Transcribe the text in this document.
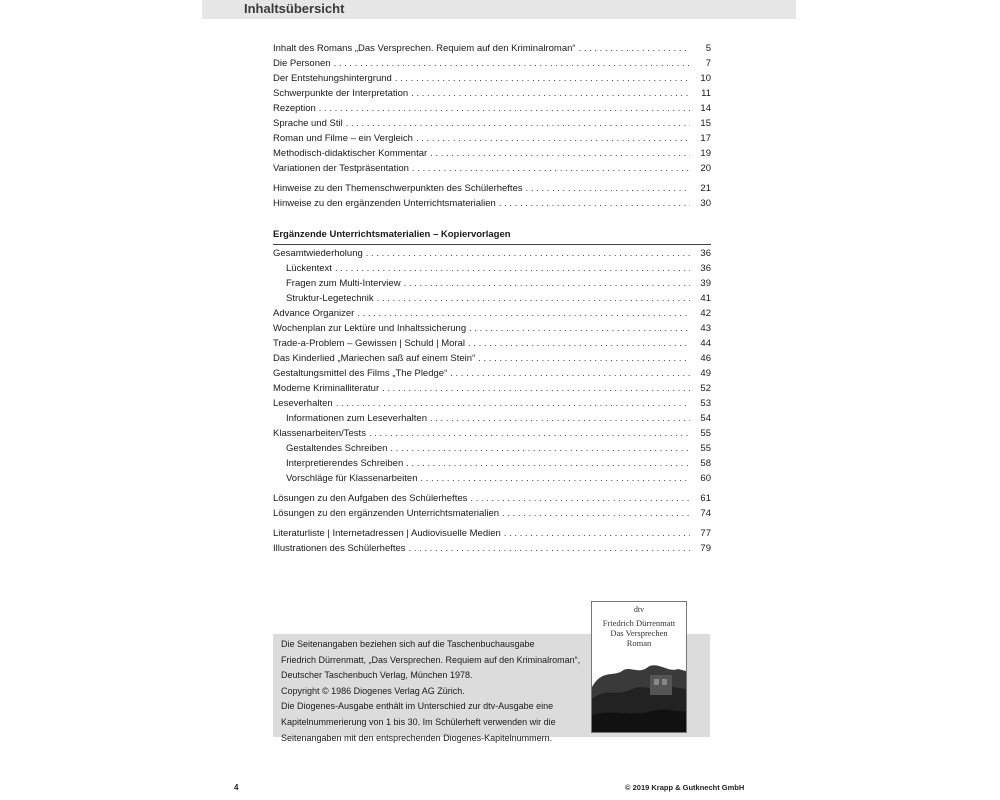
Inhaltsübersicht
Inhalt des Romans „Das Versprechen. Requiem auf den Kriminalroman“ . . .	5
Die Personen . . .	7
Der Entstehungshintergrund . . .	10
Schwerpunkte der Interpretation . . .	11
Rezeption . . .	14
Sprache und Stil . . .	15
Roman und Filme – ein Vergleich . . .	17
Methodisch-didaktischer Kommentar . . .	19
Variationen der Testpräsentation . . .	20
Hinweise zu den Themenschwerpunkten des Schülerheftes . . .	21
Hinweise zu den ergänzenden Unterrichtsmaterialien . . .	30
Ergänzende Unterrichtsmaterialien – Kopiervorlagen
Gesamtwiederholung . . .	36
Lückentext . . .	36
Fragen zum Multi-Interview . . .	39
Struktur-Legetechnik . . .	41
Advance Organizer . . .	42
Wochenplan zur Lektüre und Inhaltssicherung . . .	43
Trade-a-Problem – Gewissen | Schuld | Moral . . .	44
Das Kinderlied „Mariechen saß auf einem Stein“ . . .	46
Gestaltungsmittel des Films „The Pledge“ . . .	49
Moderne Kriminalliteratur . . .	52
Leseverhalten . . .	53
Informationen zum Leseverhalten . . .	54
Klassenarbeiten/Tests . . .	55
Gestaltendes Schreiben . . .	55
Interpretierendes Schreiben . . .	58
Vorschläge für Klassenarbeiten . . .	60
Lösungen zu den Aufgaben des Schülerheftes . . .	61
Lösungen zu den ergänzenden Unterrichtsmaterialien . . .	74
Literaturliste | Internetadressen | Audiovisuelle Medien . . .	77
Illustrationen des Schülerheftes . . .	79
Die Seitenangaben beziehen sich auf die Taschenbuchausgabe
Friedrich Dürrenmatt, „Das Versprechen. Requiem auf den Kriminalroman“,
Deutscher Taschenbuch Verlag, München 1978.
Copyright © 1986 Diogenes Verlag AG Zürich.
Die Diogenes-Ausgabe enthält im Unterschied zur dtv-Ausgabe eine
Kapitelnummerierung von 1 bis 30. Im Schülerheft verwenden wir die
Seitenangaben mit den entsprechenden Diogenes-Kapitelnummern.
dtv
Friedrich Dürrenmatt
Das Versprechen
Roman
4	© 2019 Krapp & Gutknecht GmbH
